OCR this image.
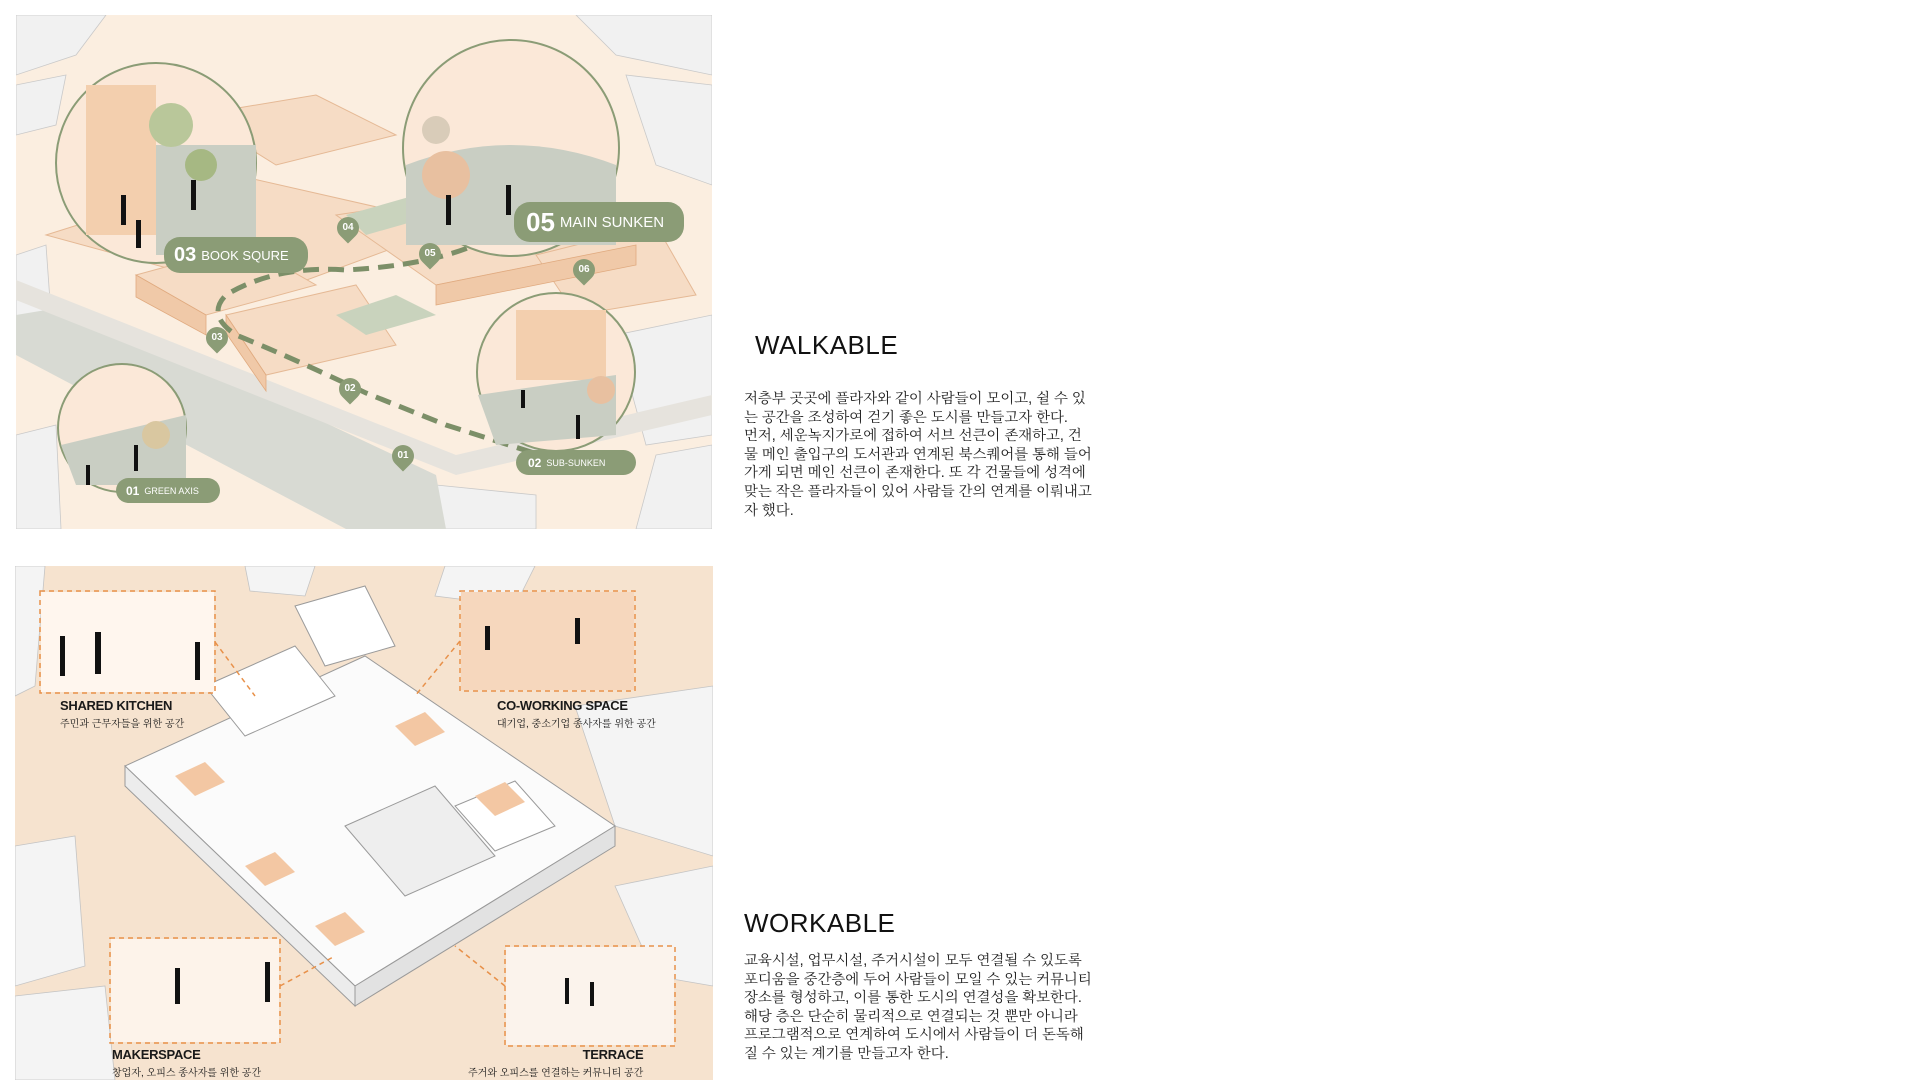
03 BOOK SQURE
05 MAIN SUNKEN
01 GREEN AXIS
02 SUB-SUNKEN
01
02
03
04
05
06
SHARED KITCHEN
주민과 근무자들을 위한 공간
CO-WORKING SPACE
대기업, 중소기업 종사자를 위한 공간
MAKERSPACE
창업자, 오피스 종사자를 위한 공간
TERRACE
주거와 오피스를 연결하는 커뮤니티 공간
WALKABLE
저층부 곳곳에 플라자와 같이 사람들이 모이고, 쉴 수 있
는 공간을 조성하여 걷기 좋은 도시를 만들고자 한다.
먼저, 세운녹지가로에 접하여 서브 선큰이 존재하고, 건
물 메인 출입구의 도서관과 연계된 북스퀘어를 통해 들어
가게 되면 메인 선큰이 존재한다. 또 각 건물들에 성격에
맞는 작은 플라자들이 있어 사람들 간의 연계를 이뤄내고
자 했다.
WORKABLE
교육시설, 업무시설, 주거시설이 모두 연결될 수 있도록
포디움을 중간층에 두어 사람들이 모일 수 있는 커뮤니티
장소를 형성하고, 이를 통한 도시의 연결성을 확보한다.
해당 층은 단순히 물리적으로 연결되는 것 뿐만 아니라
프로그램적으로 연계하여 도시에서 사람들이 더 돈독해
질 수 있는 계기를 만들고자 한다.
